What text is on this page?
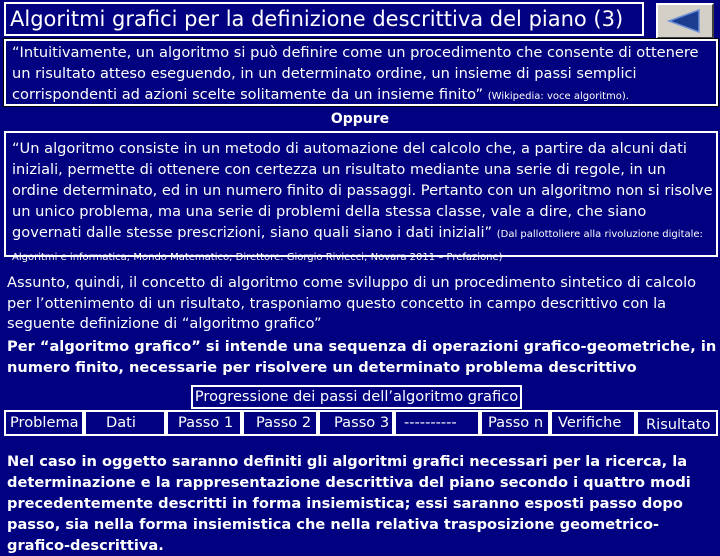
Algoritmi grafici per la definizione descrittiva del piano (3)
“Intuitivamente, un algoritmo si può definire come un procedimento che consente di ottenere un risultato atteso eseguendo, in un determinato ordine, un insieme di passi semplici corrispondenti ad azioni scelte solitamente da un insieme finito” (Wikipedia: voce algoritmo).
Oppure
“Un algoritmo consiste in un metodo di automazione del calcolo che, a partire da alcuni dati iniziali, permette di ottenere con certezza un risultato mediante una serie di regole, in un ordine determinato, ed in un numero finito di passaggi. Pertanto con un algoritmo non si risolve un unico problema, ma una serie di problemi della stessa classe, vale a dire, che siano governati dalle stesse prescrizioni, siano quali siano i dati iniziali” (Dal pallottoliere alla rivoluzione digitale: Algoritmi e informatica; Mondo Matematico; Direttore: Giorgio Riviecci; Novara 2011 – Prefazione)
Assunto, quindi, il concetto di algoritmo come sviluppo di un procedimento sintetico di calcolo per l’ottenimento di un risultato, trasponiamo questo concetto in campo descrittivo con la seguente definizione di “algoritmo grafico”
Per “algoritmo grafico” si intende una sequenza di operazioni grafico-geometriche, in numero finito, necessarie per risolvere un determinato problema descrittivo
Progressione dei passi dell’algoritmo grafico
Problema	Dati	Passo 1	Passo 2	Passo 3	----------	Passo n	Verifiche	Risultato
Nel caso in oggetto saranno definiti gli algoritmi grafici necessari per la ricerca, la determinazione e la rappresentazione descrittiva del piano secondo i quattro modi precedentemente descritti in forma insiemistica; essi saranno esposti passo dopo passo, sia nella forma insiemistica che nella relativa trasposizione geometrico-grafico-descrittiva.
